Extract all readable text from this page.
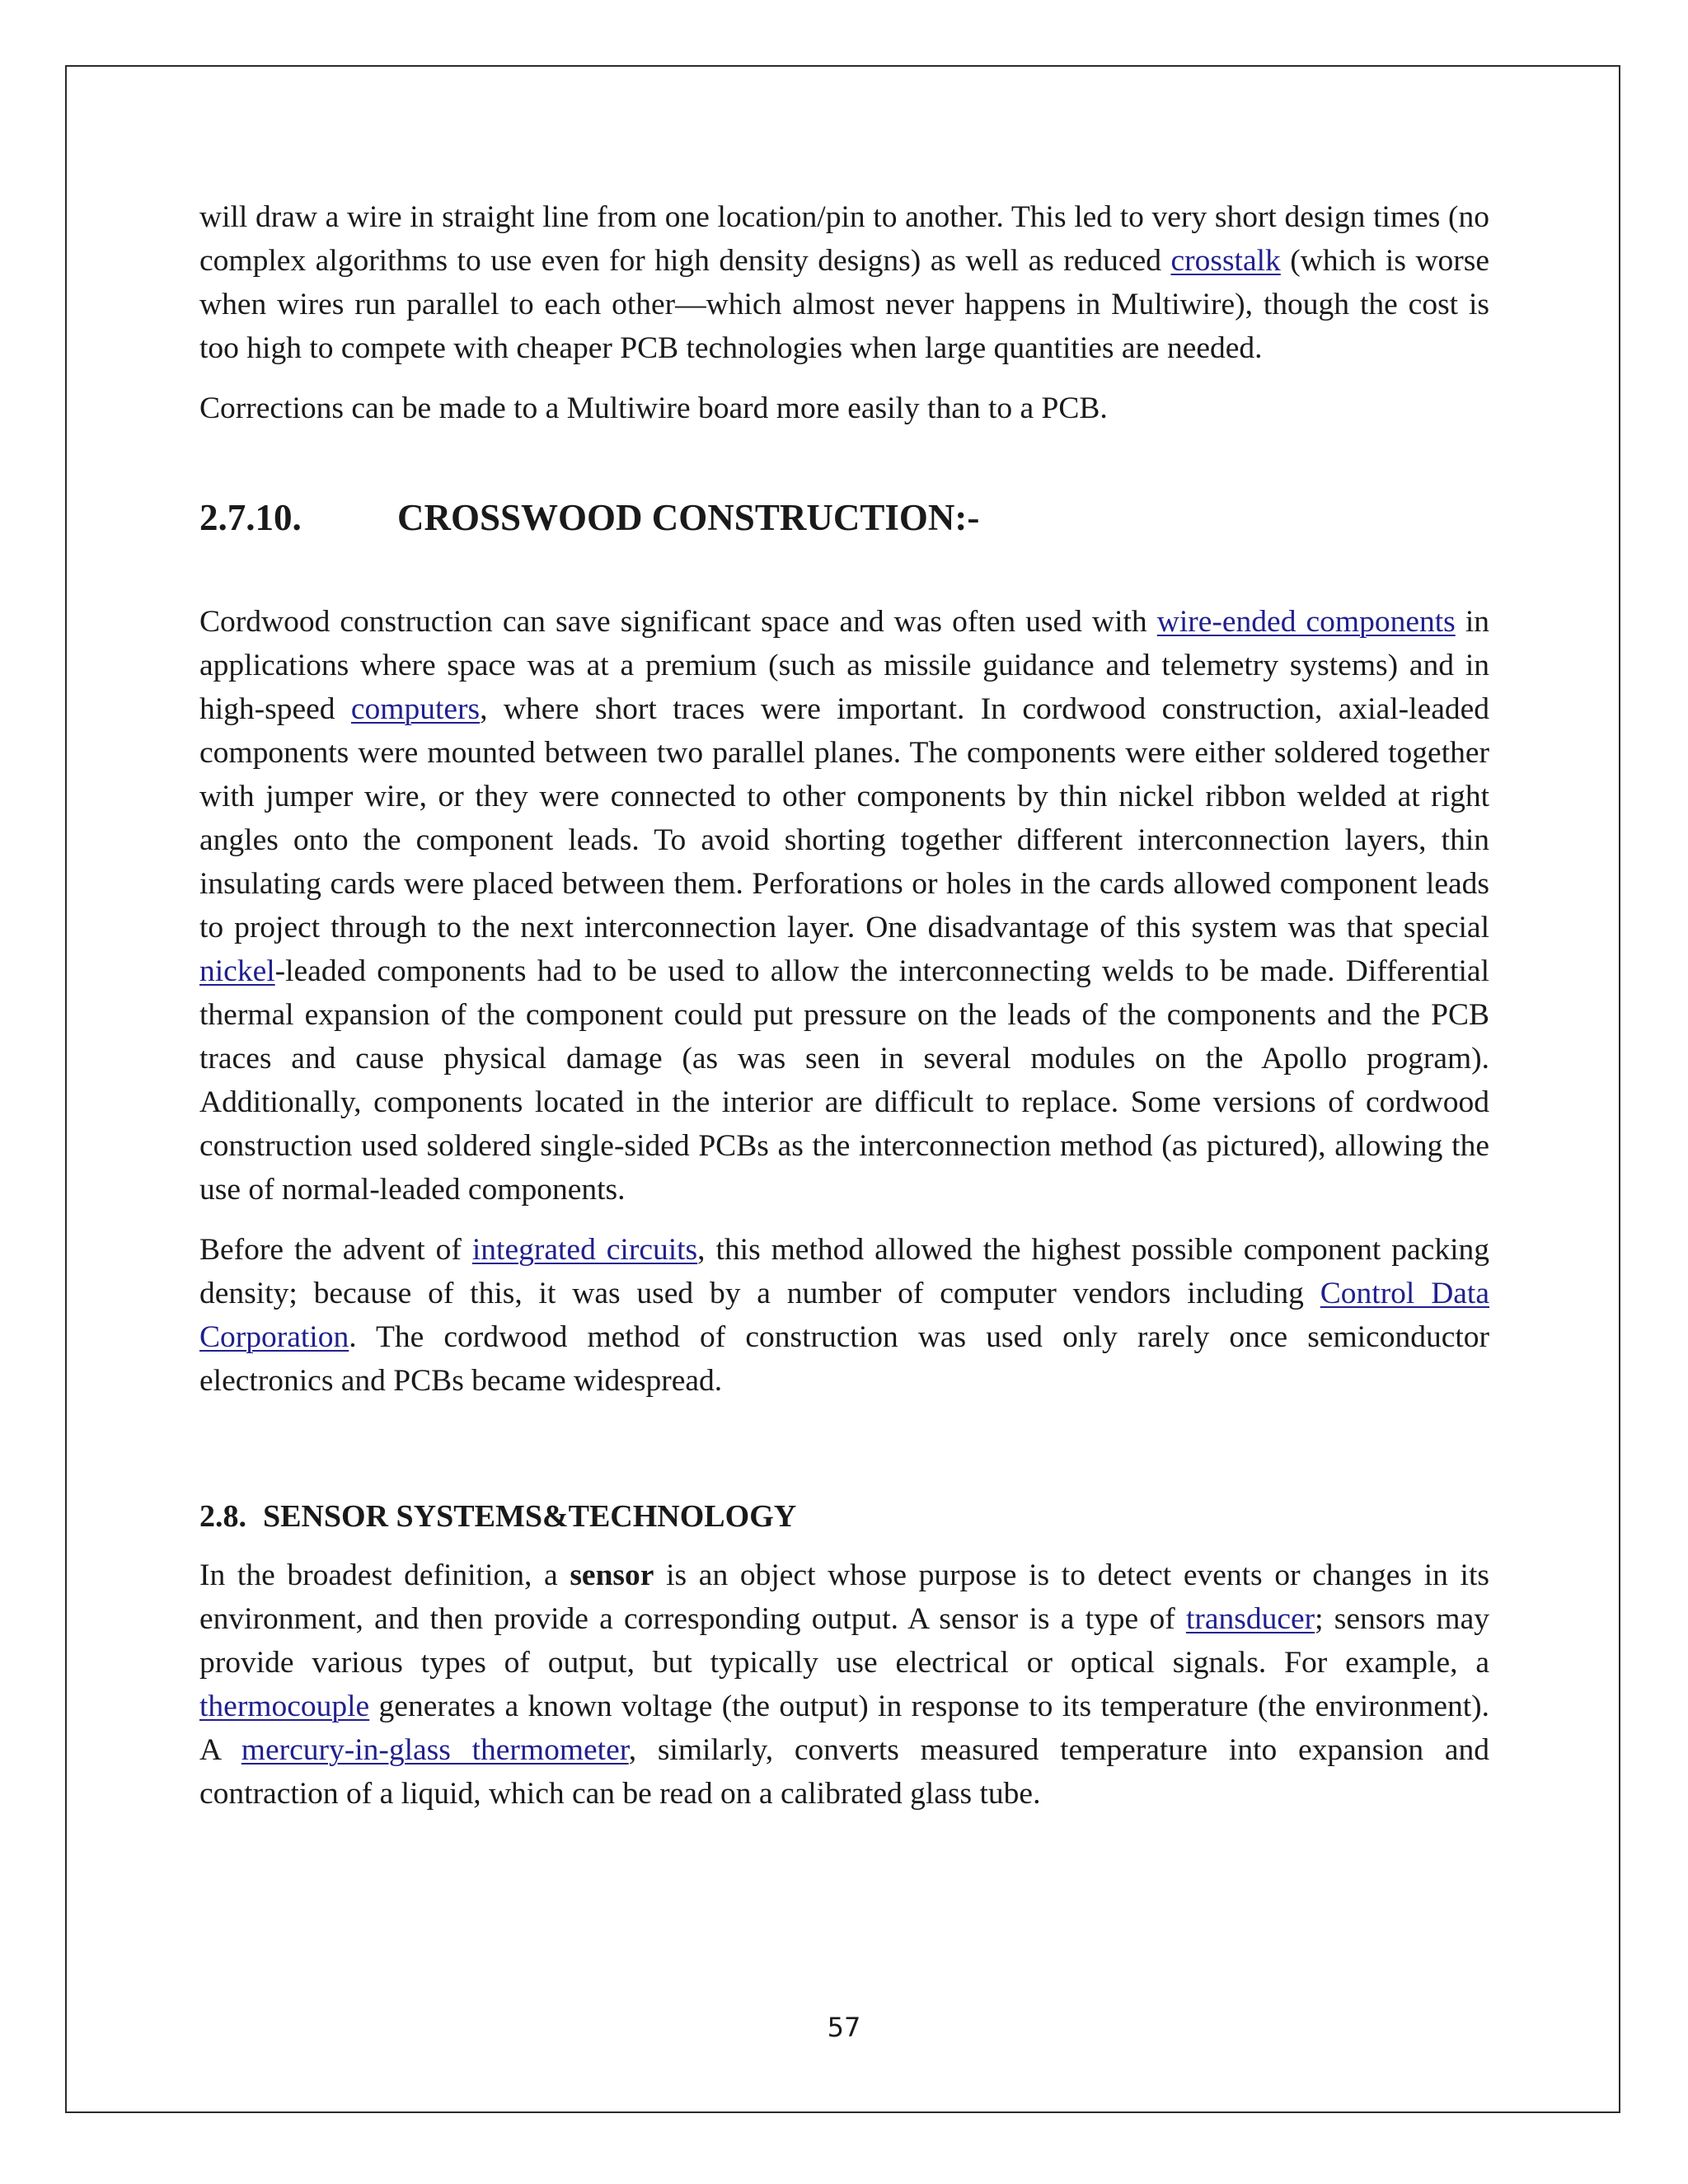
will draw a wire in straight line from one location/pin to another. This led to very short design times (no complex algorithms to use even for high density designs) as well as reduced crosstalk (which is worse when wires run parallel to each other—which almost never happens in Multiwire), though the cost is too high to compete with cheaper PCB technologies when large quantities are needed.

Corrections can be made to a Multiwire board more easily than to a PCB.

2.7.10.	CROSSWOOD CONSTRUCTION:-

Cordwood construction can save significant space and was often used with wire-ended components in applications where space was at a premium (such as missile guidance and telemetry systems) and in high-speed computers, where short traces were important. In cordwood construction, axial-leaded components were mounted between two parallel planes. The components were either soldered together with jumper wire, or they were connected to other components by thin nickel ribbon welded at right angles onto the component leads. To avoid shorting together different interconnection layers, thin insulating cards were placed between them. Perforations or holes in the cards allowed component leads to project through to the next interconnection layer. One disadvantage of this system was that special nickel-leaded components had to be used to allow the interconnecting welds to be made. Differential thermal expansion of the component could put pressure on the leads of the components and the PCB traces and cause physical damage (as was seen in several modules on the Apollo program). Additionally, components located in the interior are difficult to replace. Some versions of cordwood construction used soldered single-sided PCBs as the interconnection method (as pictured), allowing the use of normal-leaded components.

Before the advent of integrated circuits, this method allowed the highest possible component packing density; because of this, it was used by a number of computer vendors including Control Data Corporation. The cordwood method of construction was used only rarely once semiconductor electronics and PCBs became widespread.

2.8. SENSOR SYSTEMS&TECHNOLOGY

In the broadest definition, a sensor is an object whose purpose is to detect events or changes in its environment, and then provide a corresponding output. A sensor is a type of transducer; sensors may provide various types of output, but typically use electrical or optical signals. For example, a thermocouple generates a known voltage (the output) in response to its temperature (the environment). A mercury-in-glass thermometer, similarly, converts measured temperature into expansion and contraction of a liquid, which can be read on a calibrated glass tube.

57
